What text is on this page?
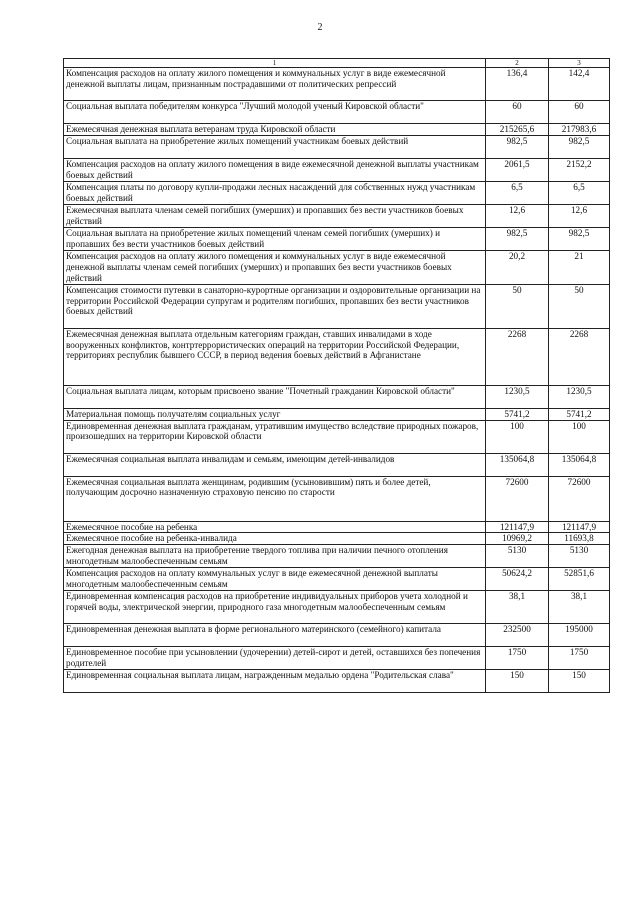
2
1	2	3
Компенсация расходов на оплату жилого помещения и коммунальных услуг в виде ежемесячной денежной выплаты лицам, признанным пострадавшими от политических репрессий	136,4	142,4
Социальная выплата победителям конкурса "Лучший молодой ученый Кировской области"	60	60
Ежемесячная денежная выплата ветеранам труда Кировской области	215265,6	217983,6
Социальная выплата на приобретение жилых помещений участникам боевых действий	982,5	982,5
Компенсация расходов на оплату жилого помещения в виде ежемесячной денежной выплаты участникам боевых действий	2061,5	2152,2
Компенсация платы по договору купли-продажи лесных насаждений для собственных нужд участникам боевых действий	6,5	6,5
Ежемесячная выплата членам семей погибших (умерших) и пропавших без вести участников боевых действий	12,6	12,6
Социальная выплата на приобретение жилых помещений членам семей погибших (умерших) и пропавших без вести участников боевых действий	982,5	982,5
Компенсация расходов на оплату жилого помещения и коммунальных услуг в виде ежемесячной денежной выплаты членам семей погибших (умерших) и пропавших без вести участников боевых действий	20,2	21
Компенсация стоимости путевки в санаторно-курортные организации и оздоровительные организации на территории Российской Федерации супругам и родителям погибших, пропавших без вести участников боевых действий	50	50
Ежемесячная денежная выплата отдельным категориям граждан, ставших инвалидами в ходе вооруженных конфликтов, контртеррористических операций на территории Российской Федерации, территориях республик бывшего СССР, в период ведения боевых действий в Афганистане	2268	2268
Социальная выплата лицам, которым присвоено звание "Почетный гражданин Кировской области"	1230,5	1230,5
Материальная помощь получателям социальных услуг	5741,2	5741,2
Единовременная денежная выплата гражданам, утратившим имущество вследствие природных пожаров, произошедших на территории Кировской области	100	100
Ежемесячная социальная выплата инвалидам и семьям, имеющим детей-инвалидов	135064,8	135064,8
Ежемесячная социальная выплата женщинам, родившим (усыновившим) пять и более детей, получающим досрочно назначенную страховую пенсию по старости	72600	72600
Ежемесячное пособие на ребенка	121147,9	121147,9
Ежемесячное пособие на ребенка-инвалида	10969,2	11693,8
Ежегодная денежная выплата на приобретение твердого топлива при наличии печного отопления многодетным малообеспеченным семьям	5130	5130
Компенсация расходов на оплату коммунальных услуг в виде ежемесячной денежной выплаты многодетным малообеспеченным семьям	50624,2	52851,6
Единовременная компенсация расходов на приобретение индивидуальных приборов учета холодной и горячей воды, электрической энергии, природного газа многодетным малообеспеченным семьям	38,1	38,1
Единовременная денежная выплата в форме регионального материнского (семейного) капитала	232500	195000
Единовременное пособие при усыновлении (удочерении) детей-сирот и детей, оставшихся без попечения родителей	1750	1750
Единовременная социальная выплата лицам, награжденным медалью ордена "Родительская слава"	150	150
